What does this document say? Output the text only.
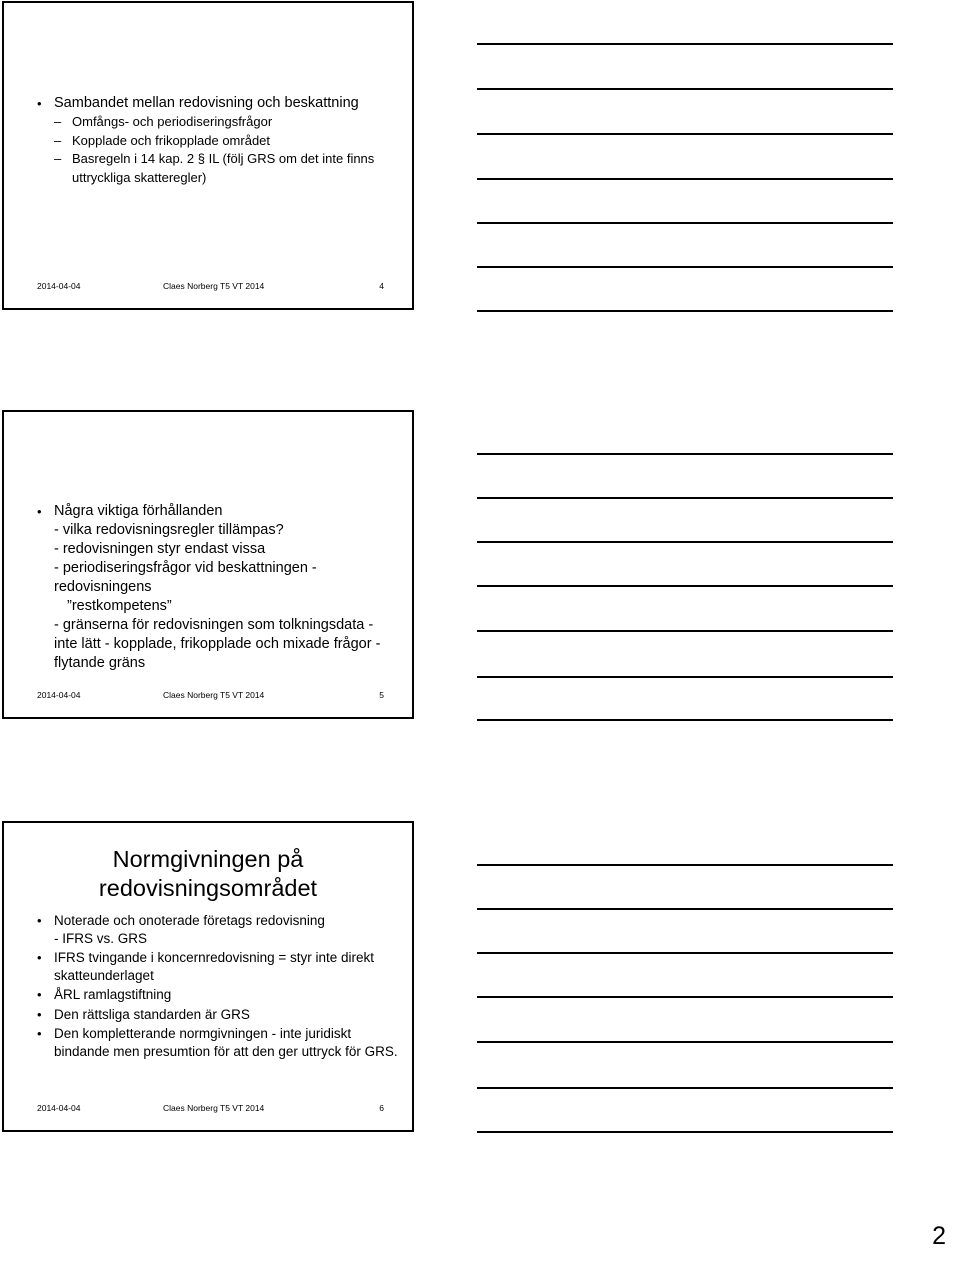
• Sambandet mellan redovisning och beskattning
– Omfångs- och periodiseringsfrågor
– Kopplade och frikopplade området
– Basregeln i 14 kap. 2 § IL (följ GRS om det inte finns uttryckliga skatteregler)
2014-04-04	Claes Norberg T5 VT 2014	4
• Några viktiga förhållanden
- vilka redovisningsregler tillämpas?
- redovisningen styr endast vissa
- periodiseringsfrågor vid beskattningen - redovisningens
”restkompetens”
- gränserna för redovisningen som tolkningsdata - inte lätt - kopplade, frikopplade och mixade frågor - flytande gräns
2014-04-04	Claes Norberg T5 VT 2014	5
Normgivningen på redovisningsområdet
• Noterade och onoterade företags redovisning
- IFRS vs. GRS
• IFRS tvingande i koncernredovisning = styr inte direkt skatteunderlaget
• ÅRL ramlagstiftning
• Den rättsliga standarden är GRS
• Den kompletterande normgivningen - inte juridiskt bindande men presumtion för att den ger uttryck för GRS.
2014-04-04	Claes Norberg T5 VT 2014	6
2
